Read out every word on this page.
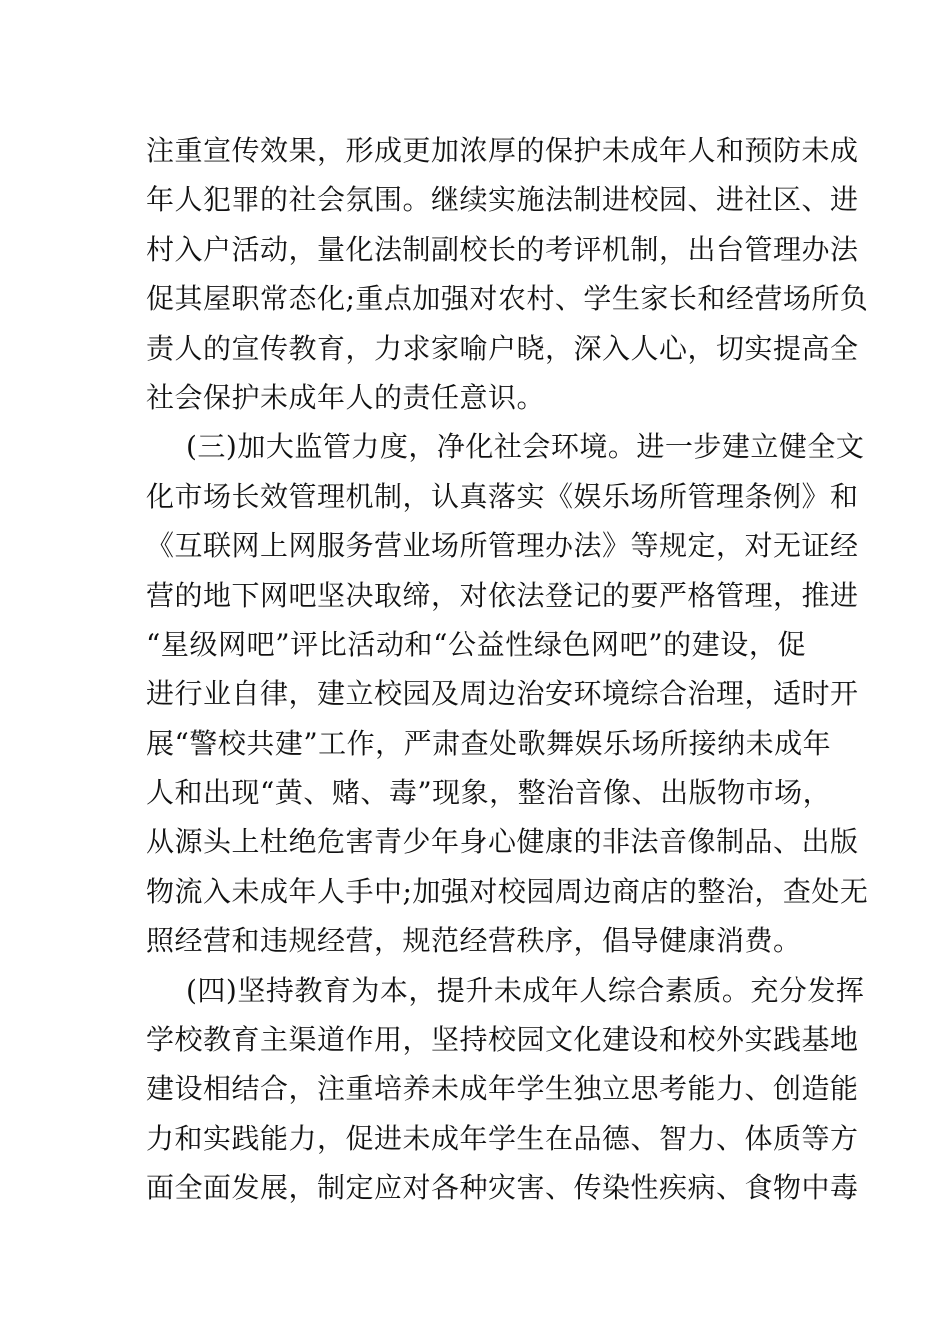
注重宣传效果，形成更加浓厚的保护未成年人和预防未成
年人犯罪的社会氛围。继续实施法制进校园、进社区、进
村入户活动，量化法制副校长的考评机制，出台管理办法
促其屋职常态化;重点加强对农村、学生家长和经营场所负
责人的宣传教育，力求家喻户晓，深入人心，切实提高全
社会保护未成年人的责任意识。
(三)加大监管力度，净化社会环境。进一步建立健全文
化市场长效管理机制，认真落实《娱乐场所管理条例》和
《互联网上网服务营业场所管理办法》等规定，对无证经
营的地下网吧坚决取缔，对依法登记的要严格管理，推进
“星级网吧”评比活动和“公益性绿色网吧”的建设，促
进行业自律，建立校园及周边治安环境综合治理，适时开
展“警校共建”工作，严肃查处歌舞娱乐场所接纳未成年
人和出现“黄、赌、毒”现象，整治音像、出版物市场，
从源头上杜绝危害青少年身心健康的非法音像制品、出版
物流入未成年人手中;加强对校园周边商店的整治，查处无
照经营和违规经营，规范经营秩序，倡导健康消费。
(四)坚持教育为本，提升未成年人综合素质。充分发挥
学校教育主渠道作用，坚持校园文化建设和校外实践基地
建设相结合，注重培养未成年学生独立思考能力、创造能
力和实践能力，促进未成年学生在品德、智力、体质等方
面全面发展，制定应对各种灾害、传染性疾病、食物中毒
